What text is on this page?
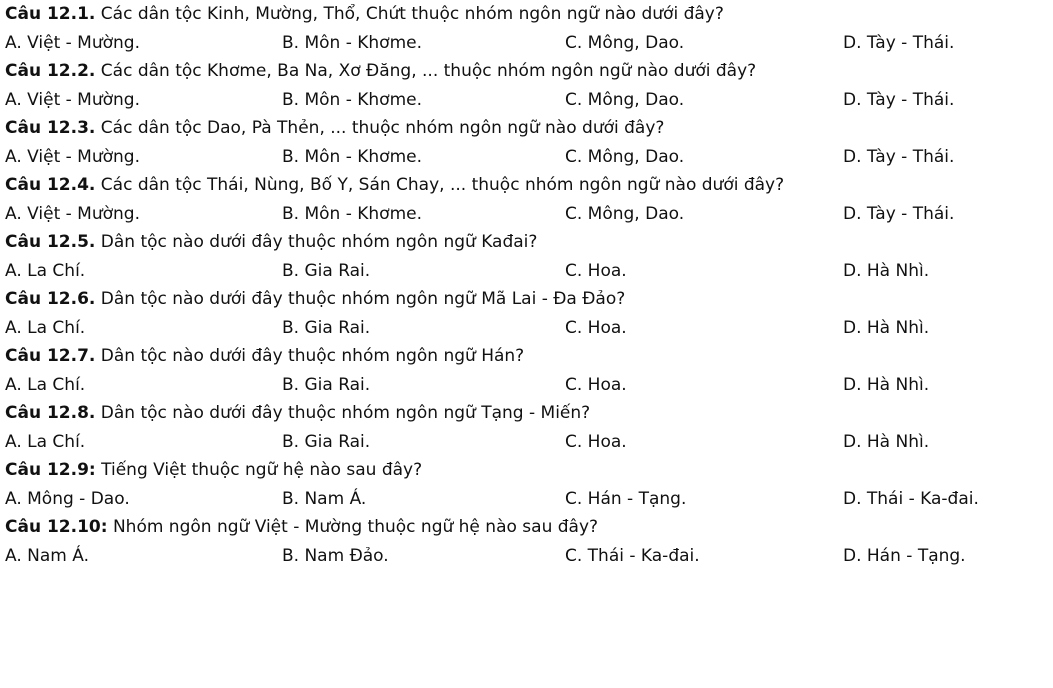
Câu 12.1. Các dân tộc Kinh, Mường, Thổ, Chứt thuộc nhóm ngôn ngữ nào dưới đây?
A. Việt - Mường.	B. Môn - Khơme.	C. Mông, Dao.	D. Tày - Thái.
Câu 12.2. Các dân tộc Khơme, Ba Na, Xơ Đăng, ... thuộc nhóm ngôn ngữ nào dưới đây?
A. Việt - Mường.	B. Môn - Khơme.	C. Mông, Dao.	D. Tày - Thái.
Câu 12.3. Các dân tộc Dao, Pà Thẻn, ... thuộc nhóm ngôn ngữ nào dưới đây?
A. Việt - Mường.	B. Môn - Khơme.	C. Mông, Dao.	D. Tày - Thái.
Câu 12.4. Các dân tộc Thái, Nùng, Bố Y, Sán Chay, ... thuộc nhóm ngôn ngữ nào dưới đây?
A. Việt - Mường.	B. Môn - Khơme.	C. Mông, Dao.	D. Tày - Thái.
Câu 12.5. Dân tộc nào dưới đây thuộc nhóm ngôn ngữ Kađai?
A. La Chí.	B. Gia Rai.	C. Hoa.	D. Hà Nhì.
Câu 12.6. Dân tộc nào dưới đây thuộc nhóm ngôn ngữ Mã Lai - Đa Đảo?
A. La Chí.	B. Gia Rai.	C. Hoa.	D. Hà Nhì.
Câu 12.7. Dân tộc nào dưới đây thuộc nhóm ngôn ngữ Hán?
A. La Chí.	B. Gia Rai.	C. Hoa.	D. Hà Nhì.
Câu 12.8. Dân tộc nào dưới đây thuộc nhóm ngôn ngữ Tạng - Miến?
A. La Chí.	B. Gia Rai.	C. Hoa.	D. Hà Nhì.
Câu 12.9: Tiếng Việt thuộc ngữ hệ nào sau đây?
A. Mông - Dao.	B. Nam Á.	C. Hán - Tạng.	D. Thái - Ka-đai.
Câu 12.10: Nhóm ngôn ngữ Việt - Mường thuộc ngữ hệ nào sau đây?
A. Nam Á.	B. Nam Đảo.	C. Thái - Ka-đai.	D. Hán - Tạng.
